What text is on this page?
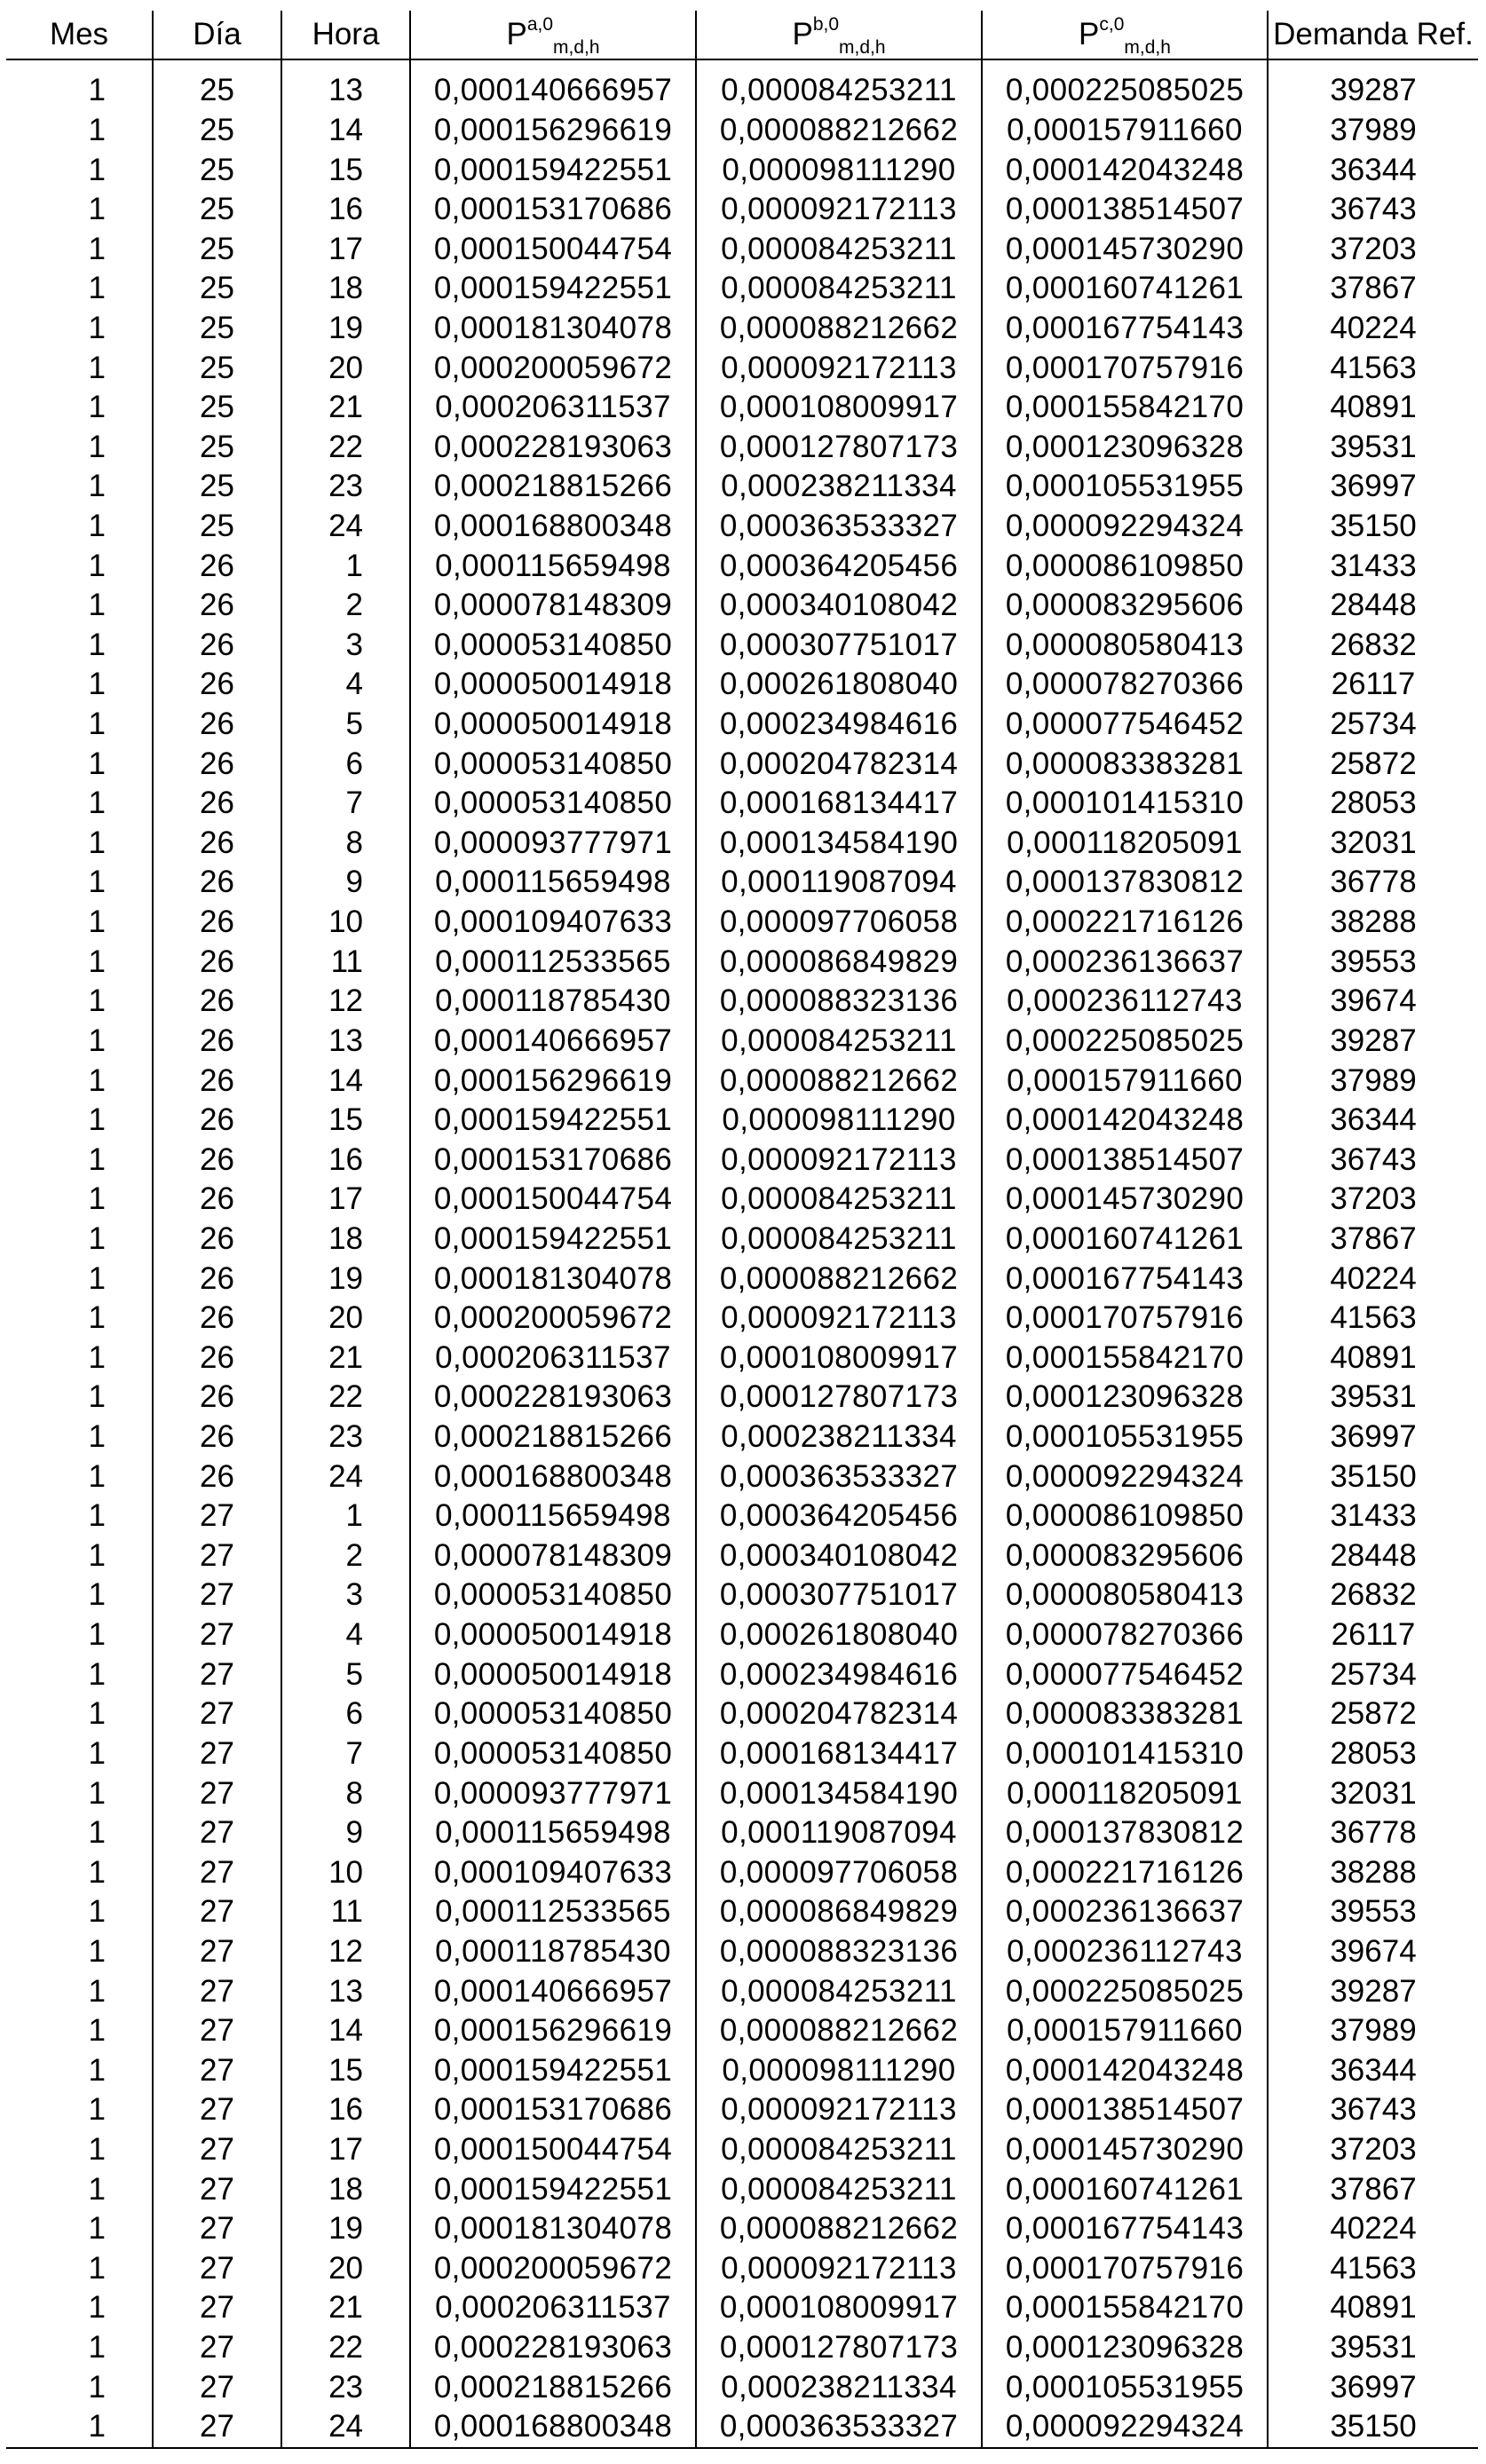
Mes	Día	Hora	P$^{a,0}_{m,d,h}$	P$^{b,0}_{m,d,h}$	P$^{c,0}_{m,d,h}$	Demanda Ref.
1	25	13	0,000140666957	0,000084253211	0,000225085025	39287
1	25	14	0,000156296619	0,000088212662	0,000157911660	37989
1	25	15	0,000159422551	0,000098111290	0,000142043248	36344
1	25	16	0,000153170686	0,000092172113	0,000138514507	36743
1	25	17	0,000150044754	0,000084253211	0,000145730290	37203
1	25	18	0,000159422551	0,000084253211	0,000160741261	37867
1	25	19	0,000181304078	0,000088212662	0,000167754143	40224
1	25	20	0,000200059672	0,000092172113	0,000170757916	41563
1	25	21	0,000206311537	0,000108009917	0,000155842170	40891
1	25	22	0,000228193063	0,000127807173	0,000123096328	39531
1	25	23	0,000218815266	0,000238211334	0,000105531955	36997
1	25	24	0,000168800348	0,000363533327	0,000092294324	35150
1	26	1	0,000115659498	0,000364205456	0,000086109850	31433
1	26	2	0,000078148309	0,000340108042	0,000083295606	28448
1	26	3	0,000053140850	0,000307751017	0,000080580413	26832
1	26	4	0,000050014918	0,000261808040	0,000078270366	26117
1	26	5	0,000050014918	0,000234984616	0,000077546452	25734
1	26	6	0,000053140850	0,000204782314	0,000083383281	25872
1	26	7	0,000053140850	0,000168134417	0,000101415310	28053
1	26	8	0,000093777971	0,000134584190	0,000118205091	32031
1	26	9	0,000115659498	0,000119087094	0,000137830812	36778
1	26	10	0,000109407633	0,000097706058	0,000221716126	38288
1	26	11	0,000112533565	0,000086849829	0,000236136637	39553
1	26	12	0,000118785430	0,000088323136	0,000236112743	39674
1	26	13	0,000140666957	0,000084253211	0,000225085025	39287
1	26	14	0,000156296619	0,000088212662	0,000157911660	37989
1	26	15	0,000159422551	0,000098111290	0,000142043248	36344
1	26	16	0,000153170686	0,000092172113	0,000138514507	36743
1	26	17	0,000150044754	0,000084253211	0,000145730290	37203
1	26	18	0,000159422551	0,000084253211	0,000160741261	37867
1	26	19	0,000181304078	0,000088212662	0,000167754143	40224
1	26	20	0,000200059672	0,000092172113	0,000170757916	41563
1	26	21	0,000206311537	0,000108009917	0,000155842170	40891
1	26	22	0,000228193063	0,000127807173	0,000123096328	39531
1	26	23	0,000218815266	0,000238211334	0,000105531955	36997
1	26	24	0,000168800348	0,000363533327	0,000092294324	35150
1	27	1	0,000115659498	0,000364205456	0,000086109850	31433
1	27	2	0,000078148309	0,000340108042	0,000083295606	28448
1	27	3	0,000053140850	0,000307751017	0,000080580413	26832
1	27	4	0,000050014918	0,000261808040	0,000078270366	26117
1	27	5	0,000050014918	0,000234984616	0,000077546452	25734
1	27	6	0,000053140850	0,000204782314	0,000083383281	25872
1	27	7	0,000053140850	0,000168134417	0,000101415310	28053
1	27	8	0,000093777971	0,000134584190	0,000118205091	32031
1	27	9	0,000115659498	0,000119087094	0,000137830812	36778
1	27	10	0,000109407633	0,000097706058	0,000221716126	38288
1	27	11	0,000112533565	0,000086849829	0,000236136637	39553
1	27	12	0,000118785430	0,000088323136	0,000236112743	39674
1	27	13	0,000140666957	0,000084253211	0,000225085025	39287
1	27	14	0,000156296619	0,000088212662	0,000157911660	37989
1	27	15	0,000159422551	0,000098111290	0,000142043248	36344
1	27	16	0,000153170686	0,000092172113	0,000138514507	36743
1	27	17	0,000150044754	0,000084253211	0,000145730290	37203
1	27	18	0,000159422551	0,000084253211	0,000160741261	37867
1	27	19	0,000181304078	0,000088212662	0,000167754143	40224
1	27	20	0,000200059672	0,000092172113	0,000170757916	41563
1	27	21	0,000206311537	0,000108009917	0,000155842170	40891
1	27	22	0,000228193063	0,000127807173	0,000123096328	39531
1	27	23	0,000218815266	0,000238211334	0,000105531955	36997
1	27	24	0,000168800348	0,000363533327	0,000092294324	35150
